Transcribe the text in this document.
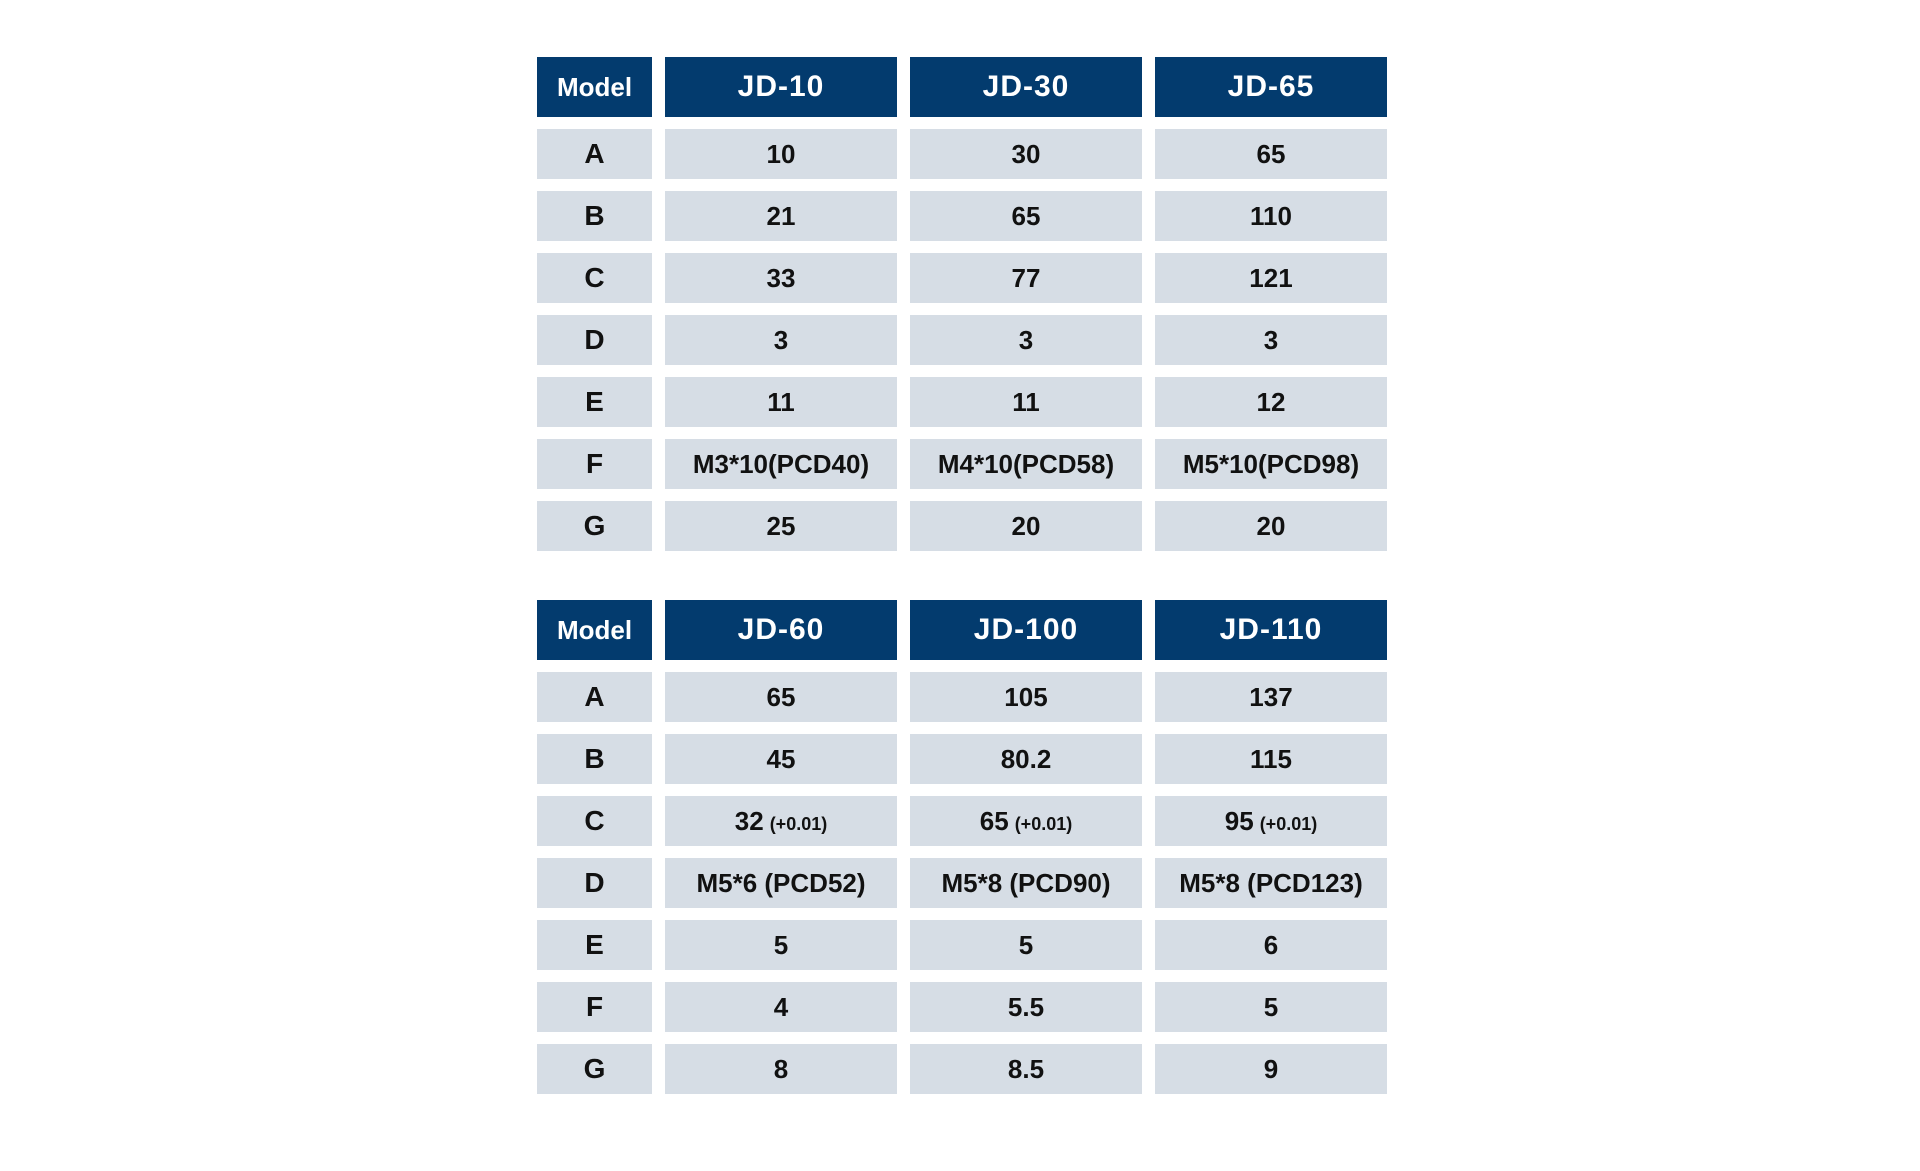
Model	JD-10	JD-30	JD-65
A	10	30	65
B	21	65	110
C	33	77	121
D	3	3	3
E	11	11	12
F	M3*10(PCD40)	M4*10(PCD58)	M5*10(PCD98)
G	25	20	20
Model	JD-60	JD-100	JD-110
A	65	105	137
B	45	80.2	115
C	32 (+0.01)	65 (+0.01)	95 (+0.01)
D	M5*6 (PCD52)	M5*8 (PCD90)	M5*8 (PCD123)
E	5	5	6
F	4	5.5	5
G	8	8.5	9
